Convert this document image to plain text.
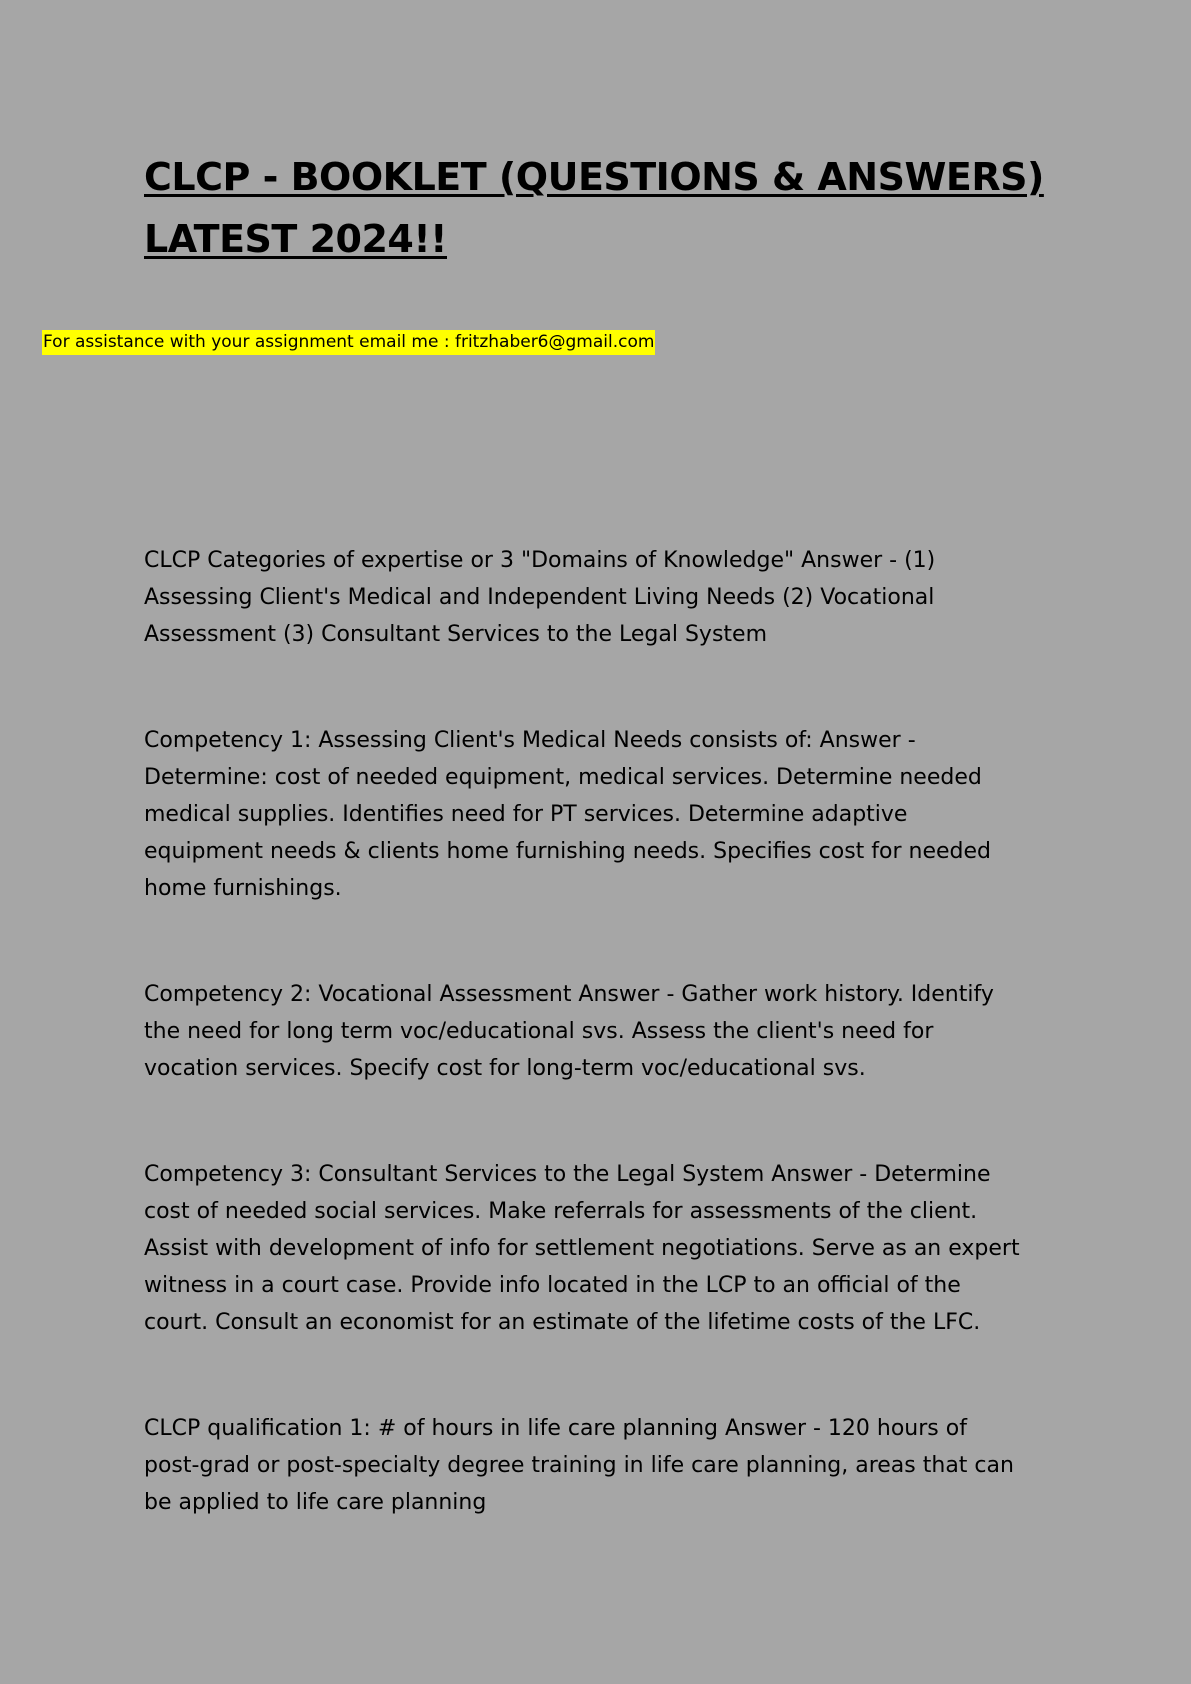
CLCP - BOOKLET (QUESTIONS & ANSWERS)
LATEST 2024!!
For assistance with your assignment email me : fritzhaber6@gmail.com
CLCP Categories of expertise or 3 "Domains of Knowledge" Answer - (1)
Assessing Client's Medical and Independent Living Needs (2) Vocational
Assessment (3) Consultant Services to the Legal System
Competency 1: Assessing Client's Medical Needs consists of: Answer -
Determine: cost of needed equipment, medical services. Determine needed
medical supplies. Identifies need for PT services. Determine adaptive
equipment needs & clients home furnishing needs. Specifies cost for needed
home furnishings.
Competency 2: Vocational Assessment Answer - Gather work history. Identify
the need for long term voc/educational svs. Assess the client's need for
vocation services. Specify cost for long-term voc/educational svs.
Competency 3: Consultant Services to the Legal System Answer - Determine
cost of needed social services. Make referrals for assessments of the client.
Assist with development of info for settlement negotiations. Serve as an expert
witness in a court case. Provide info located in the LCP to an official of the
court. Consult an economist for an estimate of the lifetime costs of the LFC.
CLCP qualification 1: # of hours in life care planning Answer - 120 hours of
post-grad or post-specialty degree training in life care planning, areas that can
be applied to life care planning
